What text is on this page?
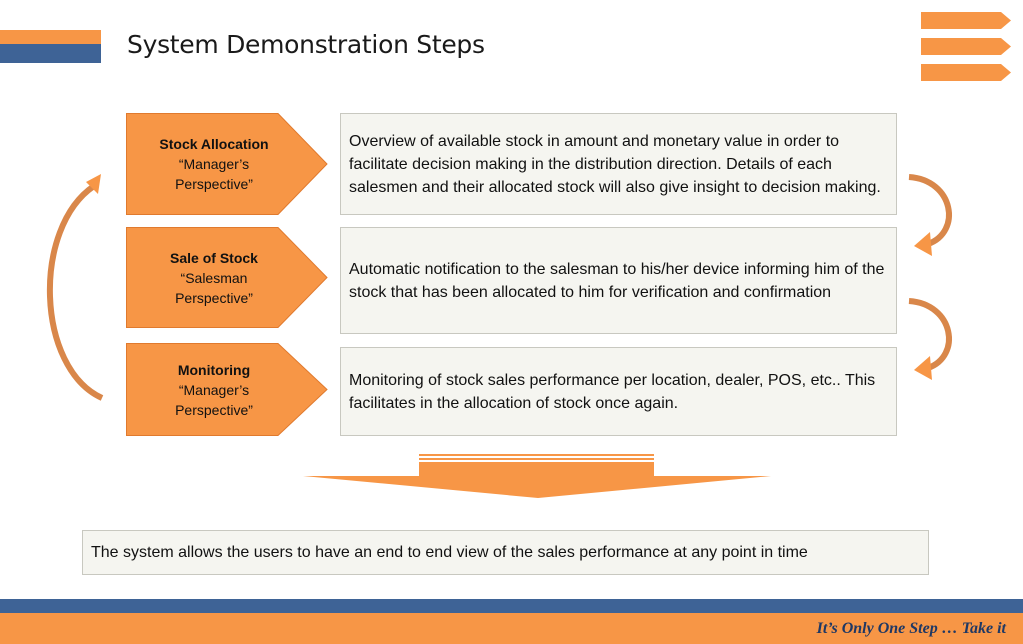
System Demonstration Steps
Stock Allocation
“Manager’s
Perspective”
Overview of available stock in amount and monetary value in order to facilitate decision making in the distribution direction. Details of each salesmen and their allocated stock will also give insight to decision making.
Sale of Stock
“Salesman
Perspective”
Automatic notification to the salesman to his/her device informing him of the stock that has been allocated to him for verification and confirmation
Monitoring
“Manager’s
Perspective”
Monitoring of stock sales performance per location, dealer, POS, etc.. This facilitates in the allocation of stock once again.
The system allows the users to have an end to end view of the sales performance at any point in time
It’s Only One Step … Take it
